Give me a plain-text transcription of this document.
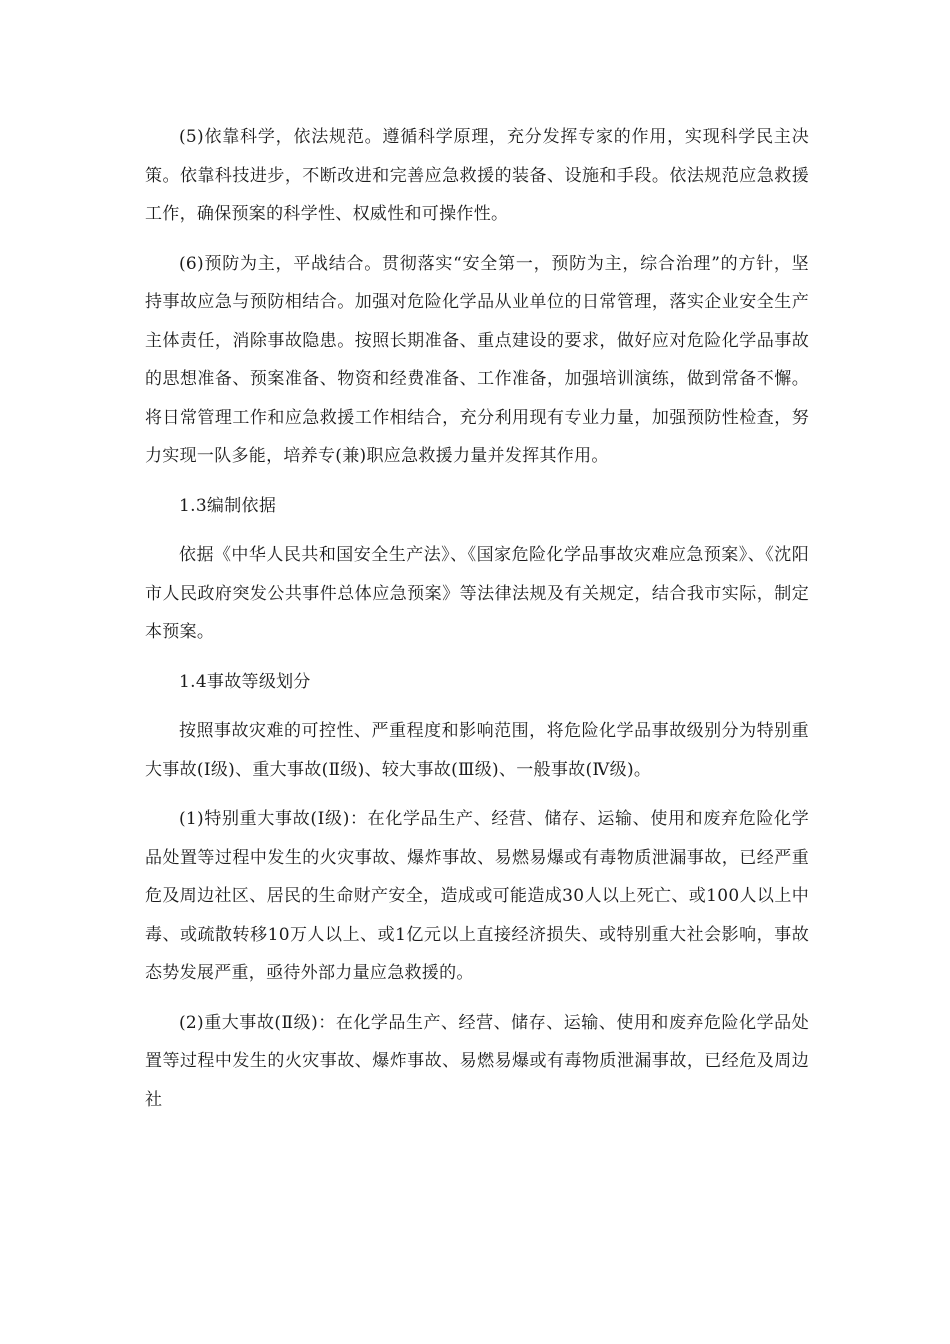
(5)依靠科学，依法规范。遵循科学原理，充分发挥专家的作用，实现科学民主决策。依靠科技进步，不断改进和完善应急救援的装备、设施和手段。依法规范应急救援工作，确保预案的科学性、权威性和可操作性。

(6)预防为主，平战结合。贯彻落实“安全第一，预防为主，综合治理”的方针，坚持事故应急与预防相结合。加强对危险化学品从业单位的日常管理，落实企业安全生产主体责任，消除事故隐患。按照长期准备、重点建设的要求，做好应对危险化学品事故的思想准备、预案准备、物资和经费准备、工作准备，加强培训演练，做到常备不懈。将日常管理工作和应急救援工作相结合，充分利用现有专业力量，加强预防性检查，努力实现一队多能，培养专(兼)职应急救援力量并发挥其作用。

1.3编制依据

依据《中华人民共和国安全生产法》、《国家危险化学品事故灾难应急预案》、《沈阳市人民政府突发公共事件总体应急预案》等法律法规及有关规定，结合我市实际，制定本预案。

1.4事故等级划分

按照事故灾难的可控性、严重程度和影响范围，将危险化学品事故级别分为特别重大事故(Ⅰ级)、重大事故(Ⅱ级)、较大事故(Ⅲ级)、一般事故(Ⅳ级)。

(1)特别重大事故(Ⅰ级)：在化学品生产、经营、储存、运输、使用和废弃危险化学品处置等过程中发生的火灾事故、爆炸事故、易燃易爆或有毒物质泄漏事故，已经严重危及周边社区、居民的生命财产安全，造成或可能造成30人以上死亡、或100人以上中毒、或疏散转移10万人以上、或1亿元以上直接经济损失、或特别重大社会影响，事故态势发展严重，亟待外部力量应急救援的。

(2)重大事故(Ⅱ级)：在化学品生产、经营、储存、运输、使用和废弃危险化学品处置等过程中发生的火灾事故、爆炸事故、易燃易爆或有毒物质泄漏事故，已经危及周边社
